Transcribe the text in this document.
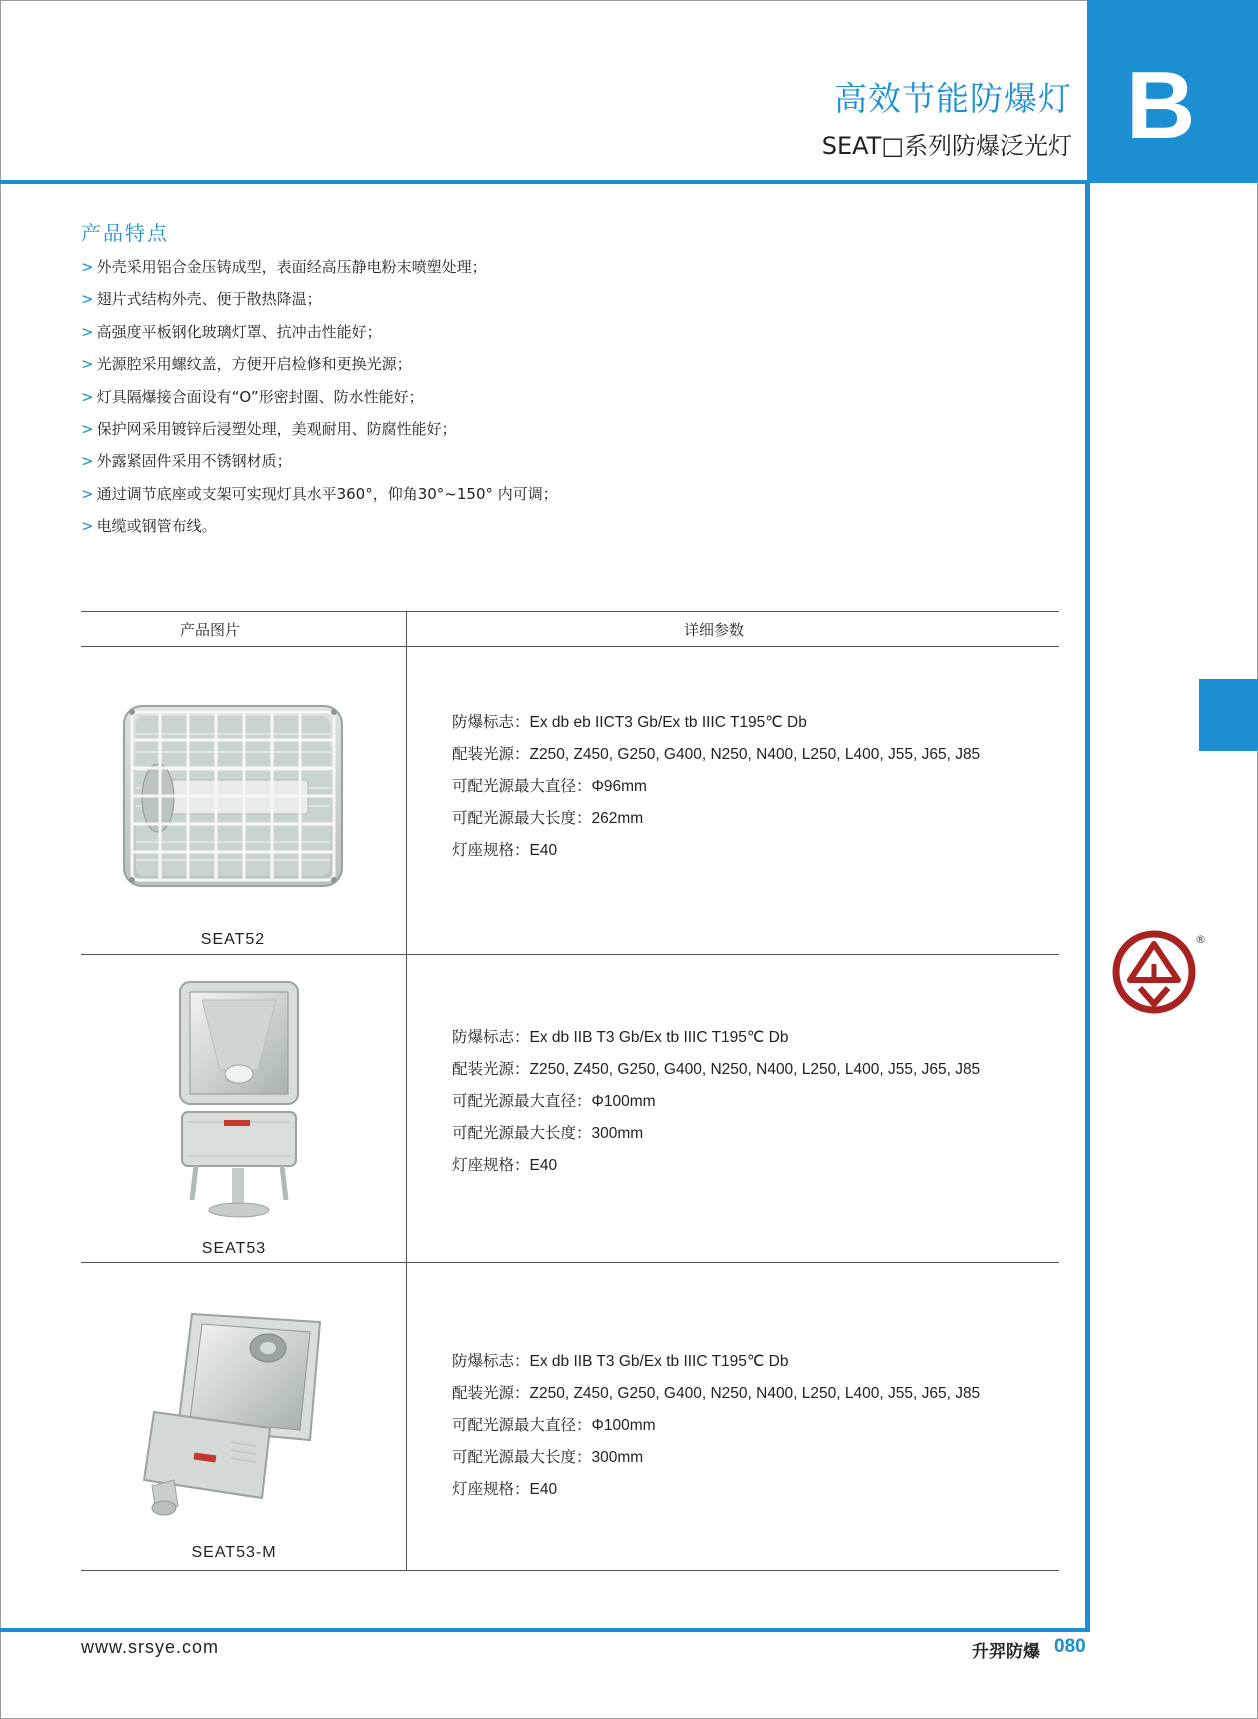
B
高效节能防爆灯
SEAT□系列防爆泛光灯
产品特点
> 外壳采用铝合金压铸成型，表面经高压静电粉末喷塑处理；
> 翅片式结构外壳、便于散热降温；
> 高强度平板钢化玻璃灯罩、抗冲击性能好；
> 光源腔采用螺纹盖，方便开启检修和更换光源；
> 灯具隔爆接合面设有“O”形密封圈、防水性能好；
> 保护网采用镀锌后浸塑处理，美观耐用、防腐性能好；
> 外露紧固件采用不锈钢材质；
> 通过调节底座或支架可实现灯具水平360°，仰角30°~150° 内可调；
> 电缆或钢管布线。
产品图片	详细参数
SEAT52
防爆标志：Ex db eb IICT3 Gb/Ex tb IIIC T195℃ Db
配装光源：Z250, Z450, G250, G400, N250, N400, L250, L400, J55, J65, J85
可配光源最大直径：Φ96mm
可配光源最大长度：262mm
灯座规格：E40
SEAT53
防爆标志：Ex db IIB T3 Gb/Ex tb IIIC T195℃ Db
配装光源：Z250, Z450, G250, G400, N250, N400, L250, L400, J55, J65, J85
可配光源最大直径：Φ100mm
可配光源最大长度：300mm
灯座规格：E40
SEAT53-M
防爆标志：Ex db IIB T3 Gb/Ex tb IIIC T195℃ Db
配装光源：Z250, Z450, G250, G400, N250, N400, L250, L400, J55, J65, J85
可配光源最大直径：Φ100mm
可配光源最大长度：300mm
灯座规格：E40
®
www.srsye.com	升羿防爆 080
